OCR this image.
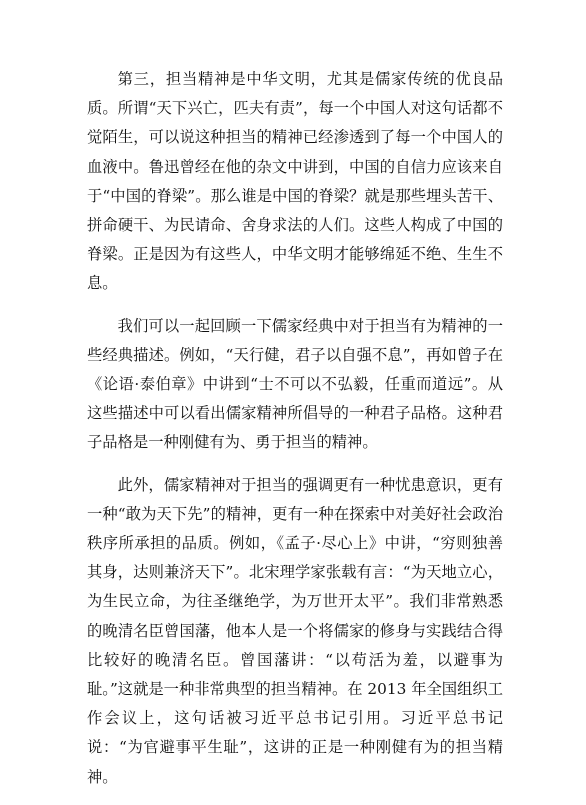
第三，担当精神是中华文明，尤其是儒家传统的优良品质。所谓“天下兴亡，匹夫有责”，每一个中国人对这句话都不觉陌生，可以说这种担当的精神已经渗透到了每一个中国人的血液中。鲁迅曾经在他的杂文中讲到，中国的自信力应该来自于“中国的脊梁”。那么谁是中国的脊梁？就是那些埋头苦干、拼命硬干、为民请命、舍身求法的人们。这些人构成了中国的脊梁。正是因为有这些人，中华文明才能够绵延不绝、生生不息。

我们可以一起回顾一下儒家经典中对于担当有为精神的一些经典描述。例如，“天行健，君子以自强不息”，再如曾子在《论语·泰伯章》中讲到“士不可以不弘毅，任重而道远”。从这些描述中可以看出儒家精神所倡导的一种君子品格。这种君子品格是一种刚健有为、勇于担当的精神。

此外，儒家精神对于担当的强调更有一种忧患意识，更有一种“敢为天下先”的精神，更有一种在探索中对美好社会政治秩序所承担的品质。例如，《孟子·尽心上》中讲，“穷则独善其身，达则兼济天下”。北宋理学家张载有言：“为天地立心，为生民立命，为往圣继绝学，为万世开太平”。我们非常熟悉的晚清名臣曾国藩，他本人是一个将儒家的修身与实践结合得比较好的晚清名臣。曾国藩讲：“以苟活为羞，以避事为耻。”这就是一种非常典型的担当精神。在 2013 年全国组织工作会议上，这句话被习近平总书记引用。习近平总书记说：“为官避事平生耻”，这讲的正是一种刚健有为的担当精神。
